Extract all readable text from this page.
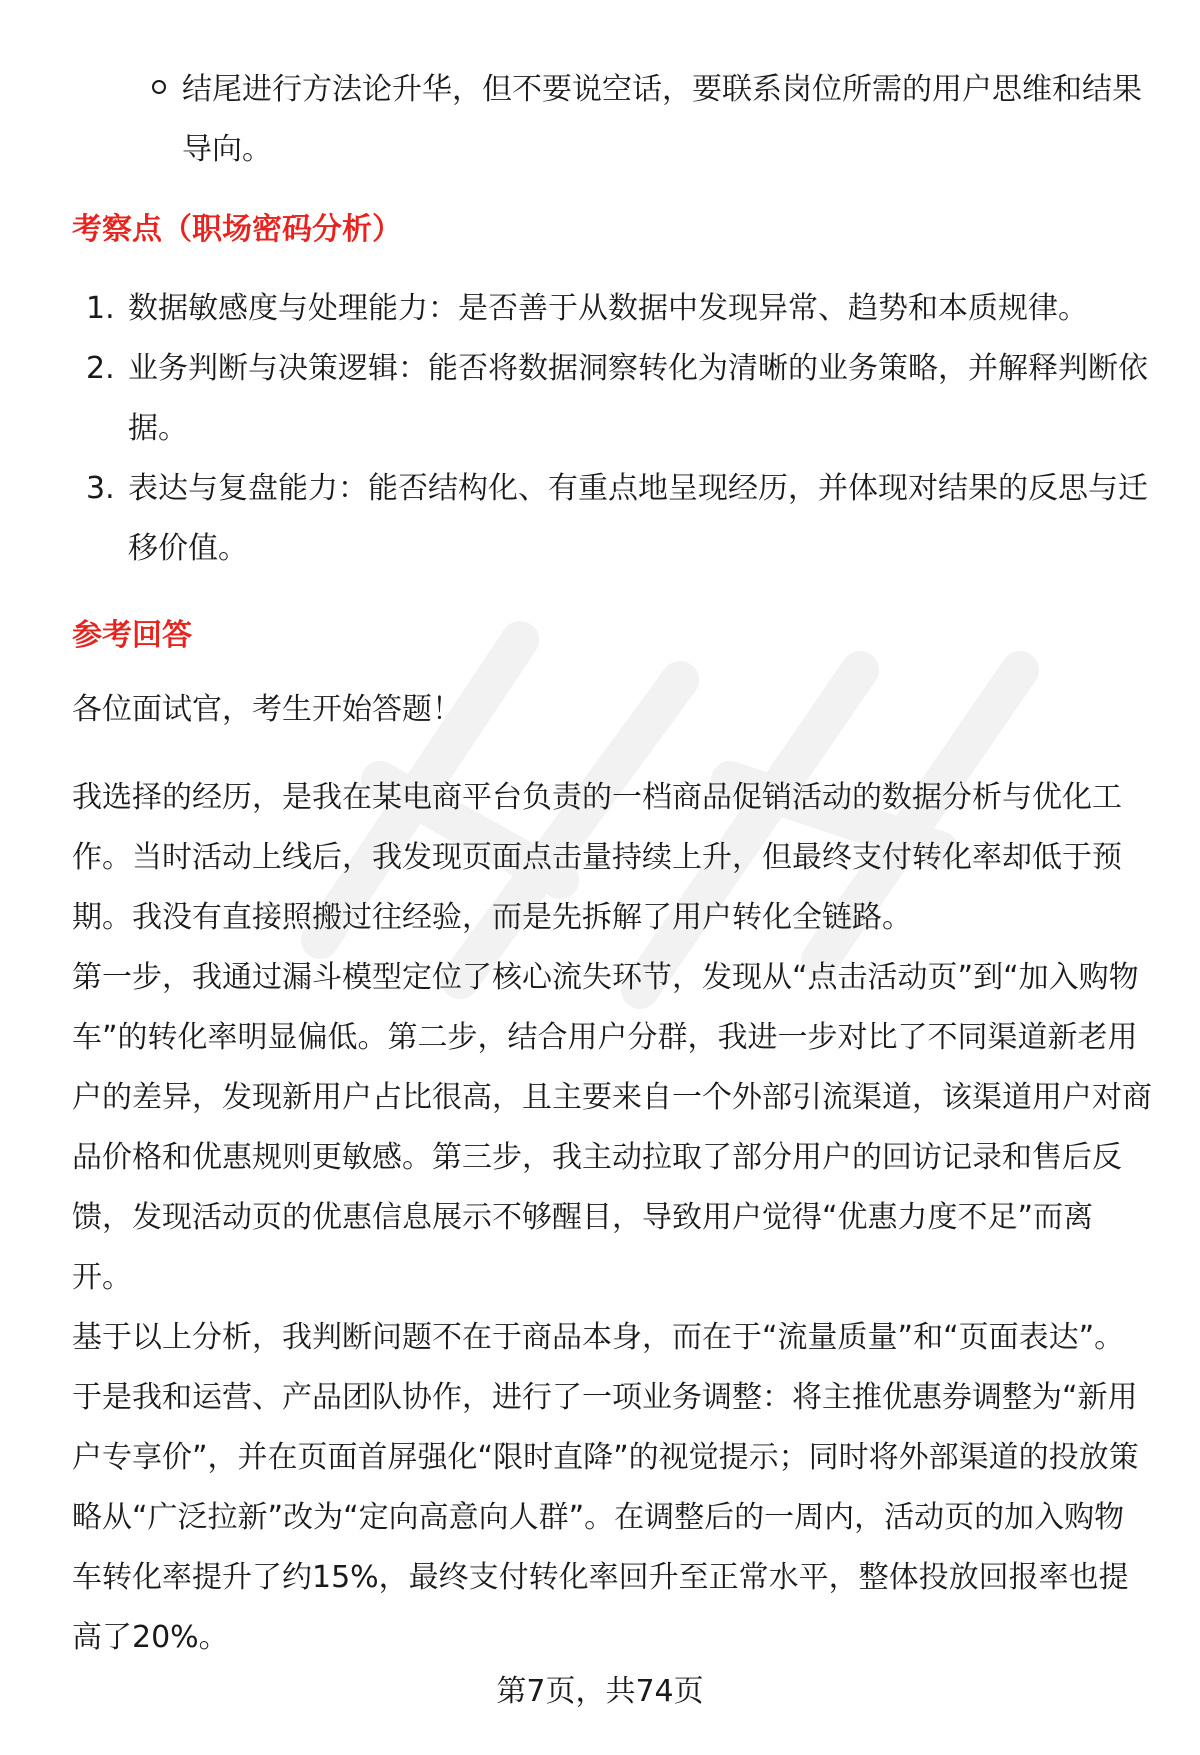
结尾进行方法论升华，但不要说空话，要联系岗位所需的用户思维和结果导向。
考察点（职场密码分析）
1. 数据敏感度与处理能力：是否善于从数据中发现异常、趋势和本质规律。
2. 业务判断与决策逻辑：能否将数据洞察转化为清晰的业务策略，并解释判断依据。
3. 表达与复盘能力：能否结构化、有重点地呈现经历，并体现对结果的反思与迁移价值。
参考回答
各位面试官，考生开始答题！
我选择的经历，是我在某电商平台负责的一档商品促销活动的数据分析与优化工作。当时活动上线后，我发现页面点击量持续上升，但最终支付转化率却低于预期。我没有直接照搬过往经验，而是先拆解了用户转化全链路。
第一步，我通过漏斗模型定位了核心流失环节，发现从“点击活动页”到“加入购物车”的转化率明显偏低。第二步，结合用户分群，我进一步对比了不同渠道新老用户的差异，发现新用户占比很高，且主要来自一个外部引流渠道，该渠道用户对商品价格和优惠规则更敏感。第三步，我主动拉取了部分用户的回访记录和售后反馈，发现活动页的优惠信息展示不够醒目，导致用户觉得“优惠力度不足”而离开。
基于以上分析，我判断问题不在于商品本身，而在于“流量质量”和“页面表达”。于是我和运营、产品团队协作，进行了一项业务调整：将主推优惠券调整为“新用户专享价”，并在页面首屏强化“限时直降”的视觉提示；同时将外部渠道的投放策略从“广泛拉新”改为“定向高意向人群”。在调整后的一周内，活动页的加入购物车转化率提升了约15%，最终支付转化率回升至正常水平，整体投放回报率也提高了20%。
第7页，共74页
